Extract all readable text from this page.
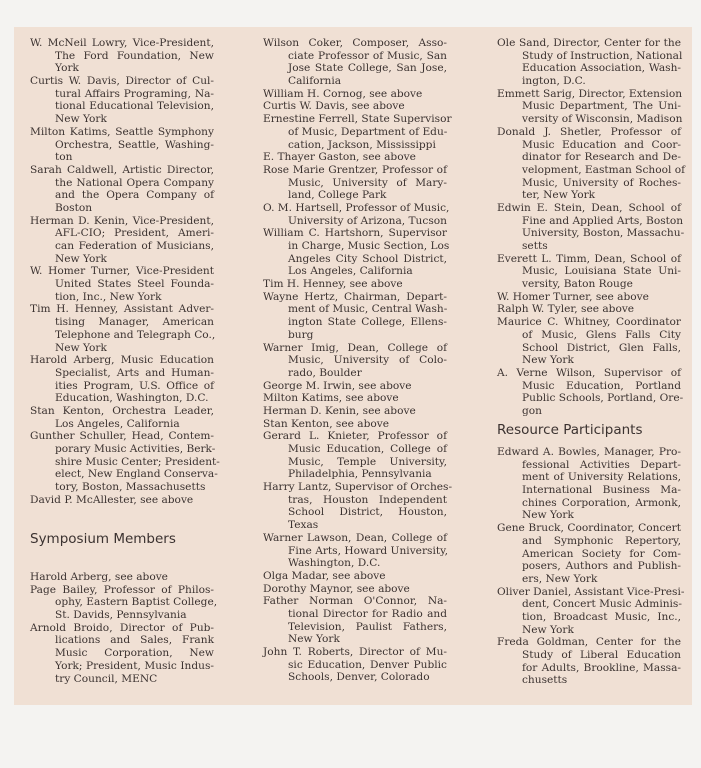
W. McNeil Lowry, Vice-President,
The Ford Foundation, New
York
Curtis W. Davis, Director of Cul-
tural Affairs Programing, Na-
tional Educational Television,
New York
Milton Katims, Seattle Symphony
Orchestra, Seattle, Washing-
ton
Sarah Caldwell, Artistic Director,
the National Opera Company
and the Opera Company of
Boston
Herman D. Kenin, Vice-President,
AFL-CIO; President, Ameri-
can Federation of Musicians,
New York
W. Homer Turner, Vice-President
United States Steel Founda-
tion, Inc., New York
Tim H. Henney, Assistant Adver-
tising Manager, American
Telephone and Telegraph Co.,
New York
Harold Arberg, Music Education
Specialist, Arts and Human-
ities Program, U.S. Office of
Education, Washington, D.C.
Stan Kenton, Orchestra Leader,
Los Angeles, California
Gunther Schuller, Head, Contem-
porary Music Activities, Berk-
shire Music Center; President-
elect, New England Conserva-
tory, Boston, Massachusetts
David P. McAllester, see above
Symposium Members
Harold Arberg, see above
Page Bailey, Professor of Philos-
ophy, Eastern Baptist College,
St. Davids, Pennsylvania
Arnold Broido, Director of Pub-
lications and Sales, Frank
Music Corporation, New
York; President, Music Indus-
try Council, MENC
Wilson Coker, Composer, Asso-
ciate Professor of Music, San
Jose State College, San Jose,
California
William H. Cornog, see above
Curtis W. Davis, see above
Ernestine Ferrell, State Supervisor
of Music, Department of Edu-
cation, Jackson, Mississippi
E. Thayer Gaston, see above
Rose Marie Grentzer, Professor of
Music, University of Mary-
land, College Park
O. M. Hartsell, Professor of Music,
University of Arizona, Tucson
William C. Hartshorn, Supervisor
in Charge, Music Section, Los
Angeles City School District,
Los Angeles, California
Tim H. Henney, see above
Wayne Hertz, Chairman, Depart-
ment of Music, Central Wash-
ington State College, Ellens-
burg
Warner Imig, Dean, College of
Music, University of Colo-
rado, Boulder
George M. Irwin, see above
Milton Katims, see above
Herman D. Kenin, see above
Stan Kenton, see above
Gerard L. Knieter, Professor of
Music Education, College of
Music, Temple University,
Philadelphia, Pennsylvania
Harry Lantz, Supervisor of Orches-
tras, Houston Independent
School District, Houston,
Texas
Warner Lawson, Dean, College of
Fine Arts, Howard University,
Washington, D.C.
Olga Madar, see above
Dorothy Maynor, see above
Father Norman O'Connor, Na-
tional Director for Radio and
Television, Paulist Fathers,
New York
John T. Roberts, Director of Mu-
sic Education, Denver Public
Schools, Denver, Colorado
Ole Sand, Director, Center for the
Study of Instruction, National
Education Association, Wash-
ington, D.C.
Emmett Sarig, Director, Extension
Music Department, The Uni-
versity of Wisconsin, Madison
Donald J. Shetler, Professor of
Music Education and Coor-
dinator for Research and De-
velopment, Eastman School of
Music, University of Roches-
ter, New York
Edwin E. Stein, Dean, School of
Fine and Applied Arts, Boston
University, Boston, Massachu-
setts
Everett L. Timm, Dean, School of
Music, Louisiana State Uni-
versity, Baton Rouge
W. Homer Turner, see above
Ralph W. Tyler, see above
Maurice C. Whitney, Coordinator
of Music, Glens Falls City
School District, Glen Falls,
New York
A. Verne Wilson, Supervisor of
Music Education, Portland
Public Schools, Portland, Ore-
gon
Resource Participants
Edward A. Bowles, Manager, Pro-
fessional Activities Depart-
ment of University Relations,
International Business Ma-
chines Corporation, Armonk,
New York
Gene Bruck, Coordinator, Concert
and Symphonic Repertory,
American Society for Com-
posers, Authors and Publish-
ers, New York
Oliver Daniel, Assistant Vice-Presi-
dent, Concert Music Adminis-
tion, Broadcast Music, Inc.,
New York
Freda Goldman, Center for the
Study of Liberal Education
for Adults, Brookline, Massa-
chusetts
